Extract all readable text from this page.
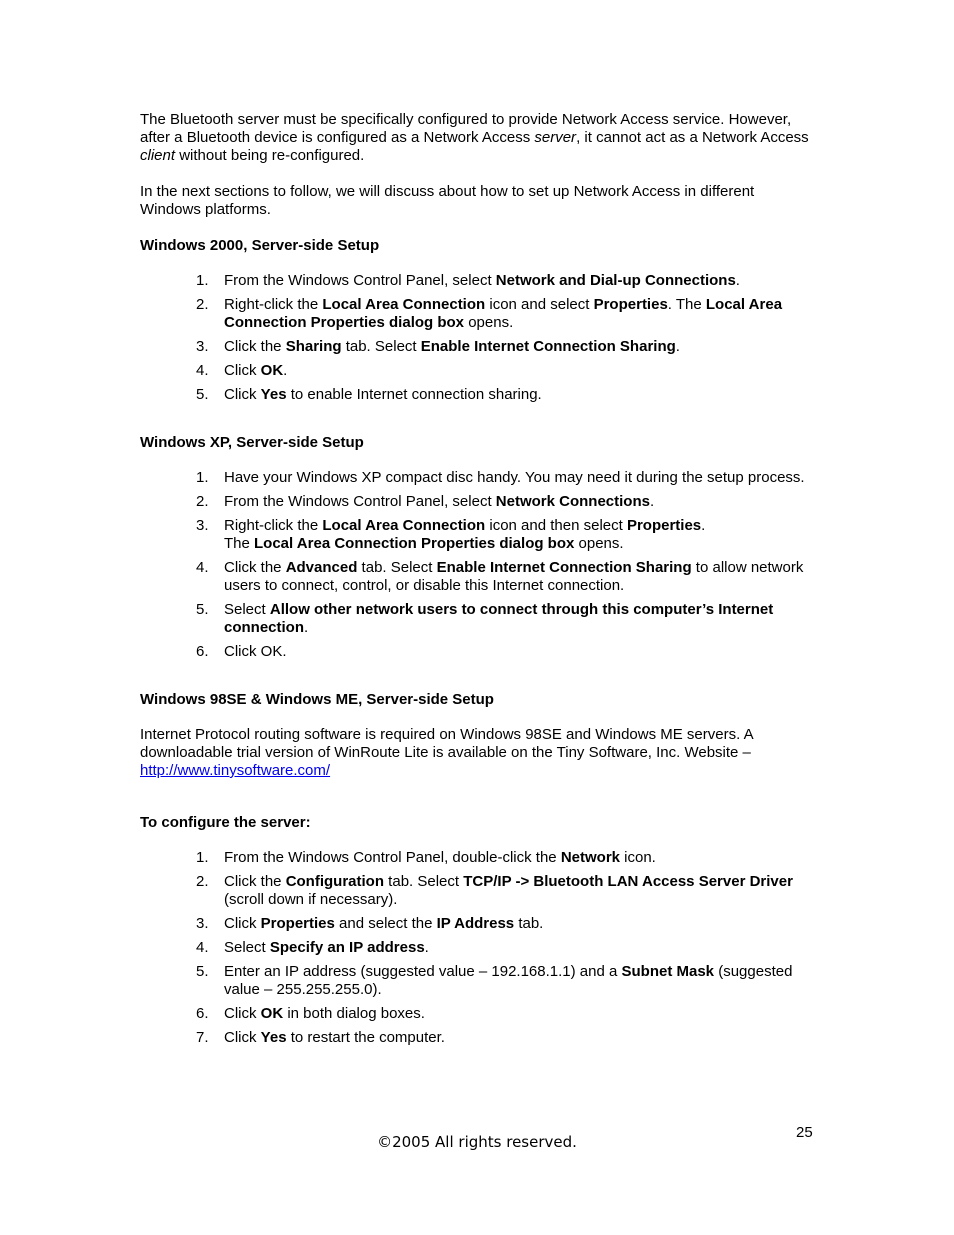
The Bluetooth server must be specifically configured to provide Network Access service. However, after a Bluetooth device is configured as a Network Access server, it cannot act as a Network Access client without being re-configured.

In the next sections to follow, we will discuss about how to set up Network Access in different Windows platforms.

Windows 2000, Server-side Setup

1. From the Windows Control Panel, select Network and Dial-up Connections.
2. Right-click the Local Area Connection icon and select Properties. The Local Area Connection Properties dialog box opens.
3. Click the Sharing tab. Select Enable Internet Connection Sharing.
4. Click OK.
5. Click Yes to enable Internet connection sharing.

Windows XP, Server-side Setup

1. Have your Windows XP compact disc handy. You may need it during the setup process.
2. From the Windows Control Panel, select Network Connections.
3. Right-click the Local Area Connection icon and then select Properties.
The Local Area Connection Properties dialog box opens.
4. Click the Advanced tab. Select Enable Internet Connection Sharing to allow network users to connect, control, or disable this Internet connection.
5. Select Allow other network users to connect through this computer’s Internet connection.
6. Click OK.

Windows 98SE & Windows ME, Server-side Setup

Internet Protocol routing software is required on Windows 98SE and Windows ME servers. A downloadable trial version of WinRoute Lite is available on the Tiny Software, Inc. Website –
http://www.tinysoftware.com/

To configure the server:

1. From the Windows Control Panel, double-click the Network icon.
2. Click the Configuration tab. Select TCP/IP -> Bluetooth LAN Access Server Driver (scroll down if necessary).
3. Click Properties and select the IP Address tab.
4. Select Specify an IP address.
5. Enter an IP address (suggested value – 192.168.1.1) and a Subnet Mask (suggested value – 255.255.255.0).
6. Click OK in both dialog boxes.
7. Click Yes to restart the computer.
25
©2005 All rights reserved.
